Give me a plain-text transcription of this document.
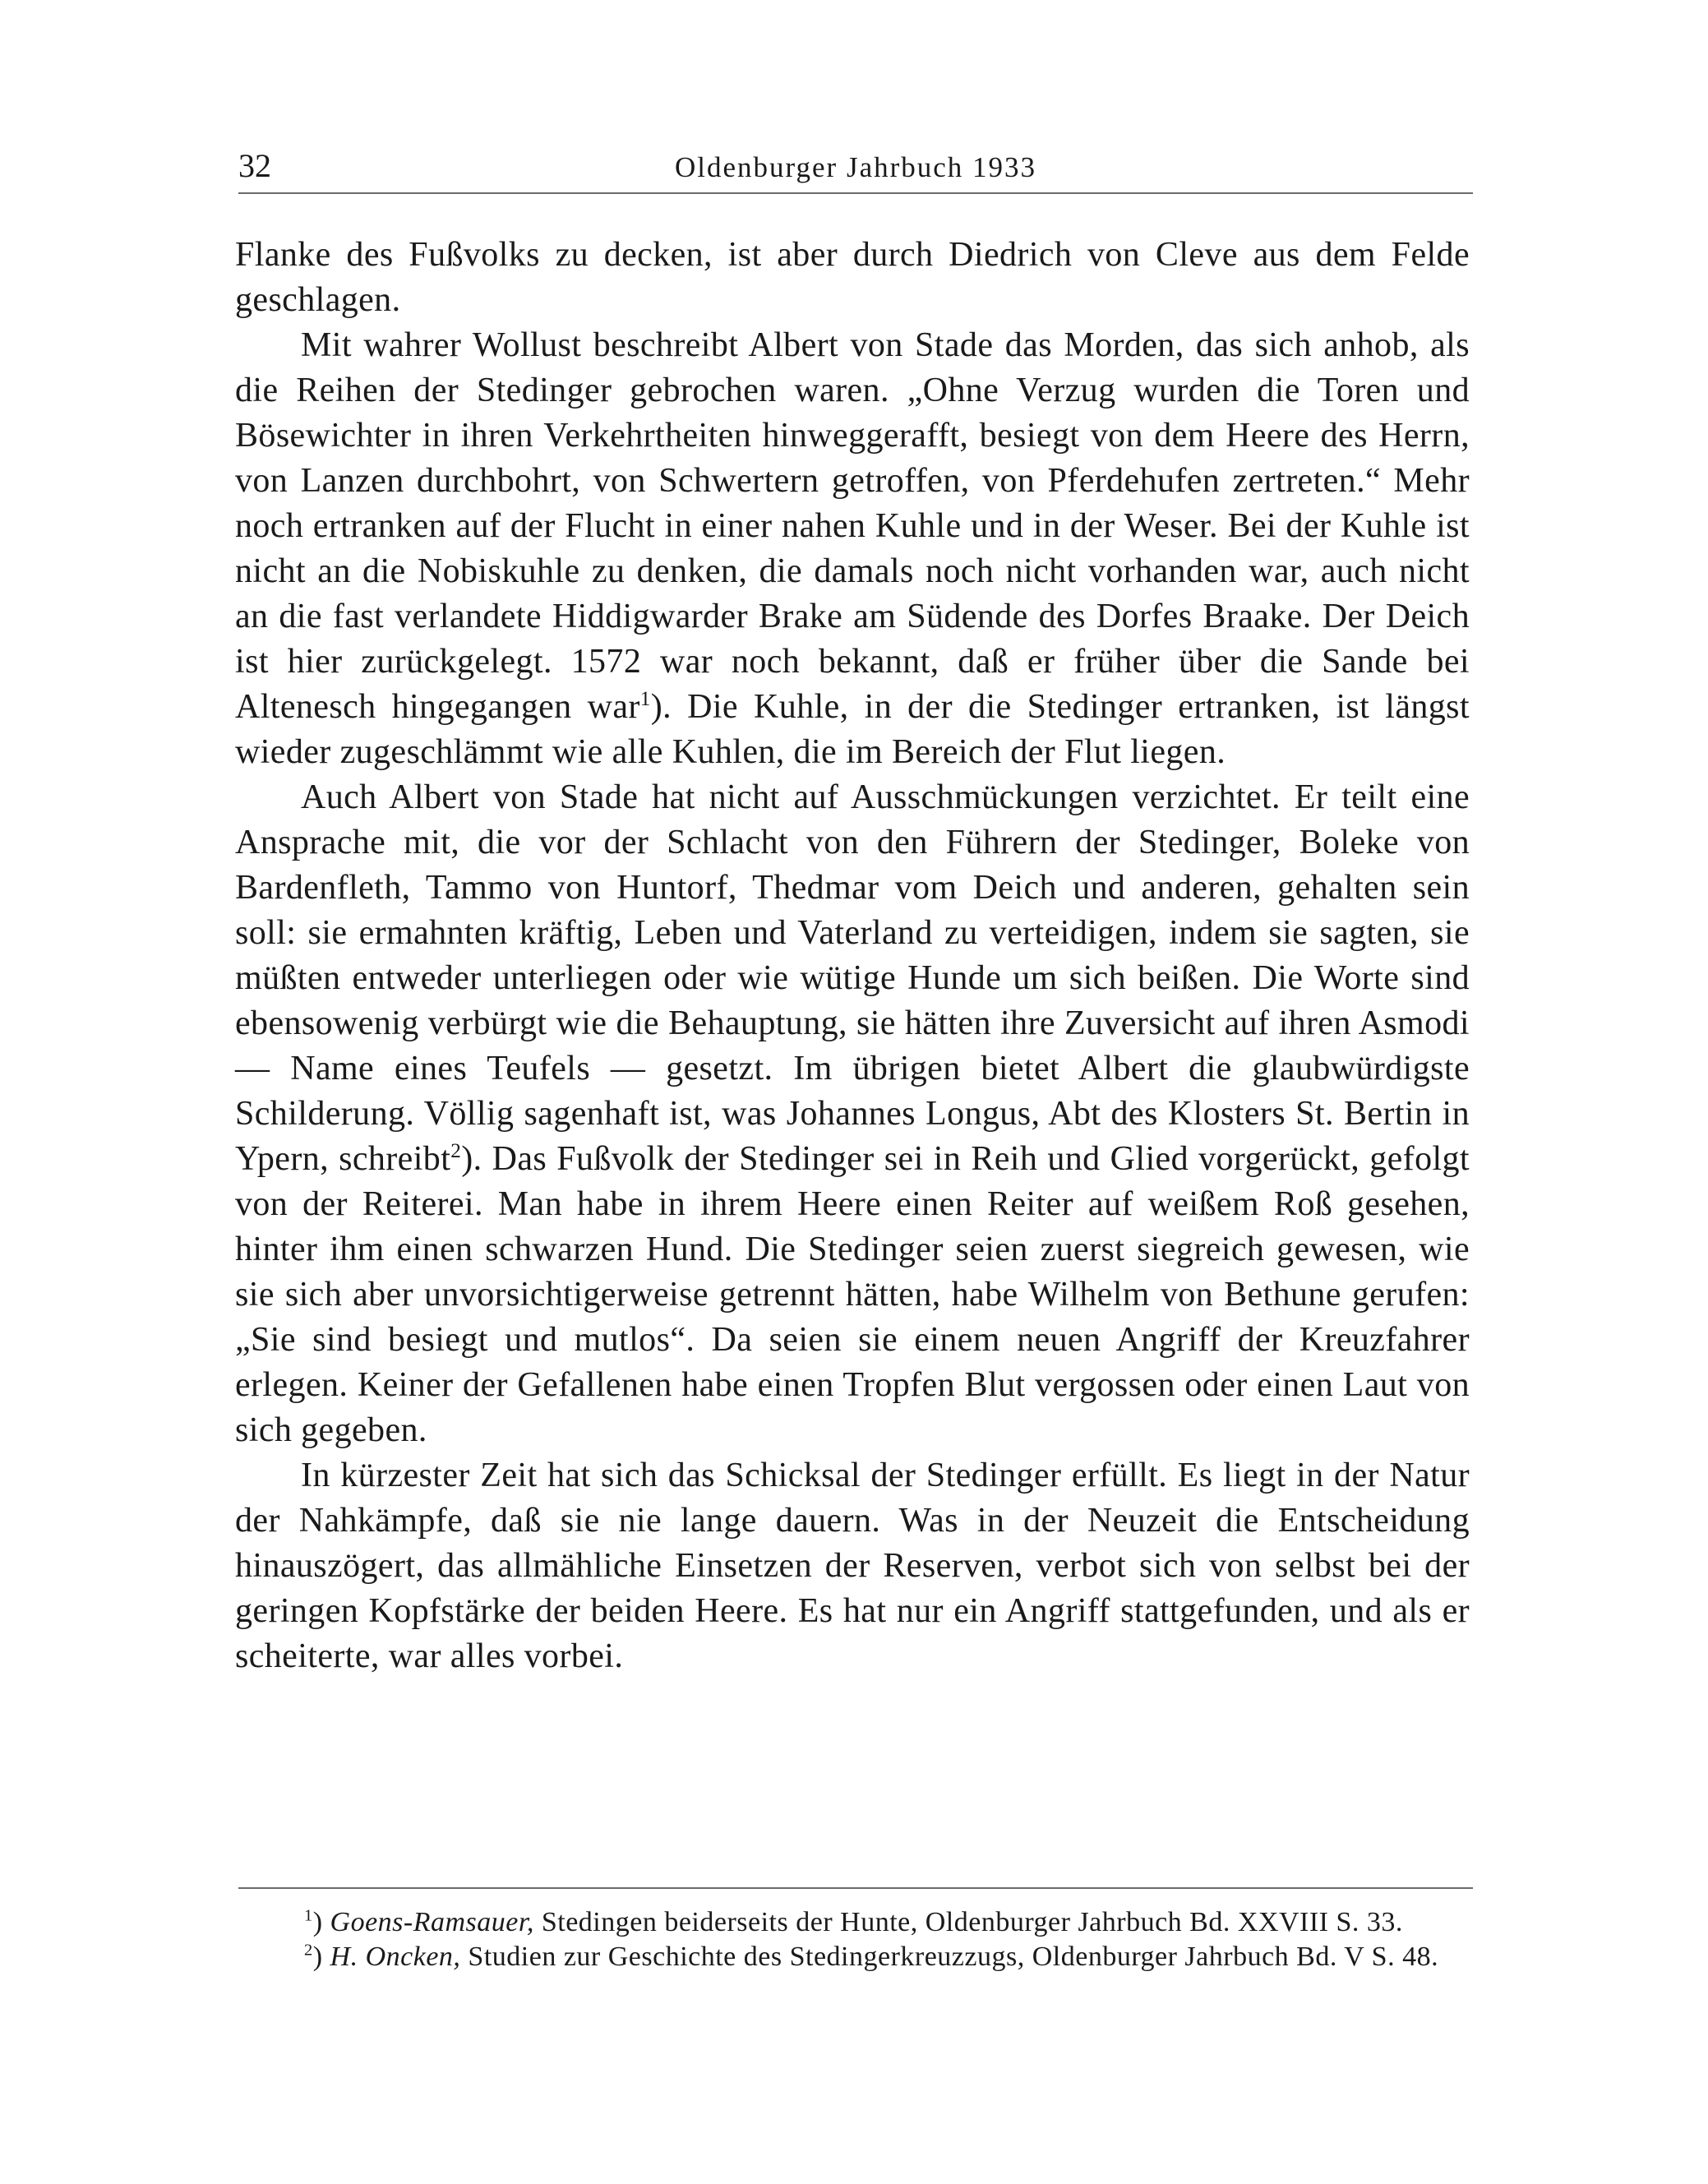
32	Oldenburger Jahrbuch 1933

Flanke des Fußvolks zu decken, ist aber durch Diedrich von Cleve aus dem Felde geschlagen.

Mit wahrer Wollust beschreibt Albert von Stade das Morden, das sich anhob, als die Reihen der Stedinger gebrochen waren. „Ohne Verzug wurden die Toren und Bösewichter in ihren Verkehrtheiten hinweggerafft, besiegt von dem Heere des Herrn, von Lanzen durchbohrt, von Schwertern getroffen, von Pferdehufen zertreten.“ Mehr noch ertranken auf der Flucht in einer nahen Kuhle und in der Weser. Bei der Kuhle ist nicht an die Nobiskuhle zu denken, die damals noch nicht vorhanden war, auch nicht an die fast verlandete Hiddigwarder Brake am Südende des Dorfes Braake. Der Deich ist hier zurückgelegt. 1572 war noch bekannt, daß er früher über die Sande bei Altenesch hingegangen war$^1$). Die Kuhle, in der die Stedinger ertranken, ist längst wieder zugeschlämmt wie alle Kuhlen, die im Bereich der Flut liegen.

Auch Albert von Stade hat nicht auf Ausschmückungen verzichtet. Er teilt eine Ansprache mit, die vor der Schlacht von den Führern der Stedinger, Boleke von Bardenfleth, Tammo von Huntorf, Thedmar vom Deich und anderen, gehalten sein soll: sie ermahnten kräftig, Leben und Vaterland zu verteidigen, indem sie sagten, sie müßten entweder unterliegen oder wie wütige Hunde um sich beißen. Die Worte sind ebensowenig verbürgt wie die Behauptung, sie hätten ihre Zuversicht auf ihren Asmodi — Name eines Teufels — gesetzt. Im übrigen bietet Albert die glaubwürdigste Schilderung. Völlig sagenhaft ist, was Johannes Longus, Abt des Klosters St. Bertin in Ypern, schreibt$^2$). Das Fußvolk der Stedinger sei in Reih und Glied vorgerückt, gefolgt von der Reiterei. Man habe in ihrem Heere einen Reiter auf weißem Roß gesehen, hinter ihm einen schwarzen Hund. Die Stedinger seien zuerst siegreich gewesen, wie sie sich aber unvorsichtigerweise getrennt hätten, habe Wilhelm von Bethune gerufen: „Sie sind besiegt und mutlos“. Da seien sie einem neuen Angriff der Kreuzfahrer erlegen. Keiner der Gefallenen habe einen Tropfen Blut vergossen oder einen Laut von sich gegeben.

In kürzester Zeit hat sich das Schicksal der Stedinger erfüllt. Es liegt in der Natur der Nahkämpfe, daß sie nie lange dauern. Was in der Neuzeit die Entscheidung hinauszögert, das allmähliche Einsetzen der Reserven, verbot sich von selbst bei der geringen Kopfstärke der beiden Heere. Es hat nur ein Angriff stattgefunden, und als er scheiterte, war alles vorbei.

$^1$) Goens-Ramsauer, Stedingen beiderseits der Hunte, Oldenburger Jahrbuch Bd. XXVIII S. 33.

$^2$) H. Oncken, Studien zur Geschichte des Stedingerkreuzzugs, Oldenburger Jahrbuch Bd. V S. 48.
